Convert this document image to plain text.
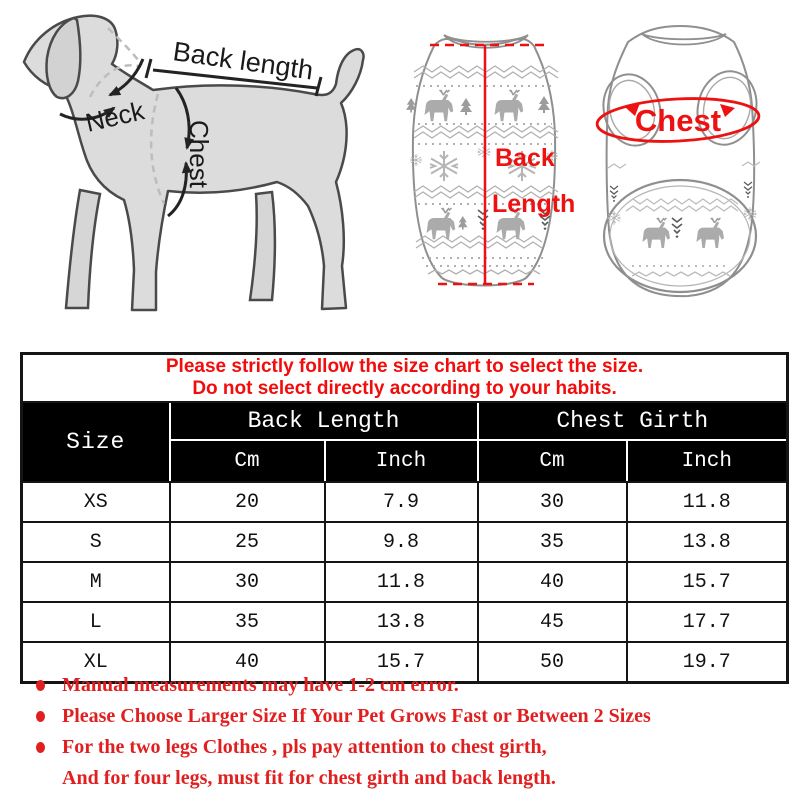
Back length
Neck
Chest	Back
Length
Chest
Please strictly follow the size chart to select the size.
Do not select directly according to your habits.				

Size	Back Length		Chest Girth	
	Cm	Inch	Cm	Inch
XS	20	7.9	30	11.8
S	25	9.8	35	13.8
M	30	11.8	40	15.7
L	35	13.8	45	17.7
XL	40	15.7	50	19.7
Manual measurements may have 1-2 cm error.
Please Choose Larger Size If Your Pet Grows Fast or Between 2 Sizes
For the two legs Clothes , pls pay attention to chest girth,
And for four legs, must fit for chest girth and back length.
